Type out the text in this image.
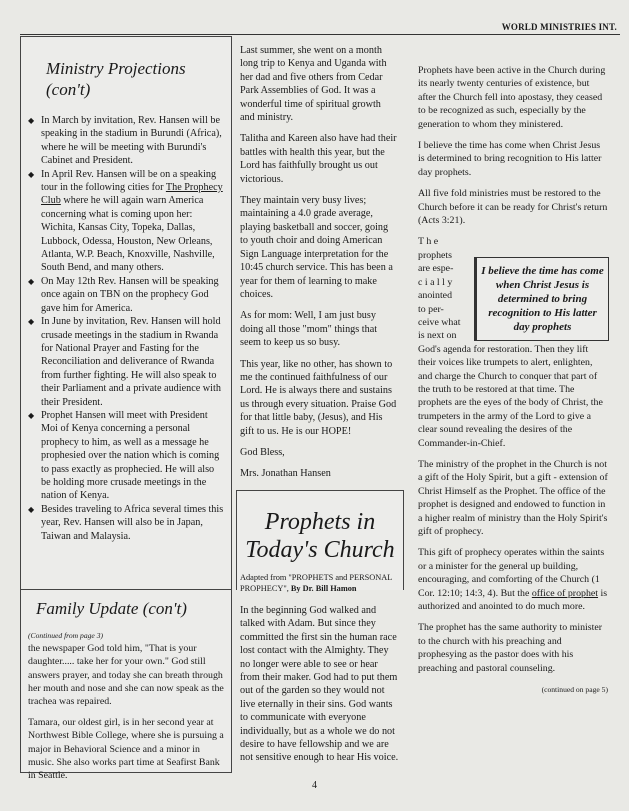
WORLD MINISTRIES INT.
Ministry Projections
(con't)
◆ In March by invitation, Rev. Hansen will be speaking in the stadium in Burundi (Africa), where he will be meeting with Burundi's Cabinet and President.
◆ In April Rev. Hansen will be on a speaking tour in the following cities for The Prophecy Club where he will again warn America concerning what is coming upon her: Wichita, Kansas City, Topeka, Dallas, Lubbock, Odessa, Houston, New Orleans, Atlanta, W.P. Beach, Knoxville, Nashville, South Bend, and many others.
◆ On May 12th Rev. Hansen will be speaking once again on TBN on the prophecy God gave him for America.
◆ In June by invitation, Rev. Hansen will hold crusade meetings in the stadium in Rwanda for National Prayer and Fasting for the Reconciliation and deliverance of Rwanda from further fighting. He will also speak to their Parliament and a private audience with their President.
◆ Prophet Hansen will meet with President Moi of Kenya concerning a personal prophecy to him, as well as a message he prophesied over the nation which is coming to pass exactly as prophecied. He will also be holding more crusade meetings in the nation of Kenya.
◆ Besides traveling to Africa several times this year, Rev. Hansen will also be in Japan, Taiwan and Malaysia.
Family Update (con't)
(Continued from page 3)

the newspaper God told him, "That is your daughter..... take her for your own." God still answers prayer, and today she can breath through her mouth and nose and she can now speak as the trachea was repaired.

Tamara, our oldest girl, is in her second year at Northwest Bible College, where she is pursuing a major in Behavioral Science and a minor in music. She also works part time at Seafirst Bank in Seattle.

Last summer, she went on a month long trip to Kenya and Uganda with her dad and five others from Cedar Park Assemblies of God. It was a wonderful time of spiritual growth and ministry.

Talitha and Kareen also have had their battles with health this year, but the Lord has faithfully brought us out victorious.

They maintain very busy lives; maintaining a 4.0 grade average, playing basketball and soccer, going to youth choir and doing American Sign Language interpretation for the 10:45 church service. This has been a year for them of learning to make choices.

As for mom: Well, I am just busy doing all those "mom" things that seem to keep us so busy.

This year, like no other, has shown to me the continued faithfulness of our Lord. He is always there and sustains us through every situation. Praise God for that little baby, (Jesus), and His gift to us. He is our HOPE!

God Bless,
Mrs. Jonathan Hansen
Prophets in
Today's Church
Adapted from "PROPHETS and PERSONAL PROPHECY", By Dr. Bill Hamon

In the beginning God walked and talked with Adam. But since they committed the first sin the human race lost contact with the Almighty. They no longer were able to see or hear from their maker. God had to put them out of the garden so they would not live eternally in their sins. God wants to communicate with everyone individually, but as a whole we do not desire to have fellowship and we are not sensitive enough to hear His voice.

Prophets have been active in the Church during its nearly twenty centuries of existence, but after the Church fell into apostasy, they ceased to be recognized as such, especially by the generation to whom they ministered.

I believe the time has come when Christ Jesus is determined to bring recognition to His latter day prophets.

All five fold ministries must be restored to the Church before it can be ready for Christ's return (Acts 3:21).

T h e
prophets
are espe-
c i a l l y
anointed
to per-
ceive what
is next on

God's agenda for restoration. Then they lift their voices like trumpets to alert, enlighten, and charge the Church to conquer that part of the truth to be restored at that time. The prophets are the eyes of the body of Christ, the trumpeters in the army of the Lord to give a clear sound revealing the desires of the Commander-in-Chief.

The ministry of the prophet in the Church is not a gift of the Holy Spirit, but a gift - extension of Christ Himself as the Prophet. The office of the prophet is designed and endowed to function in a higher realm of ministry than the Holy Spirit's gift of prophecy.

This gift of prophecy operates within the saints or a minister for the general up building, encouraging, and comforting of the Church (1 Cor. 12:10; 14:3, 4). But the office of prophet is authorized and anointed to do much more.

The prophet has the same authority to minister to the church with his preaching and prophesying as the pastor does with his preaching and pastoral counseling.

(continued on page 5)
I believe the time has come when Christ Jesus is determined to bring recognition to His latter day prophets
4
